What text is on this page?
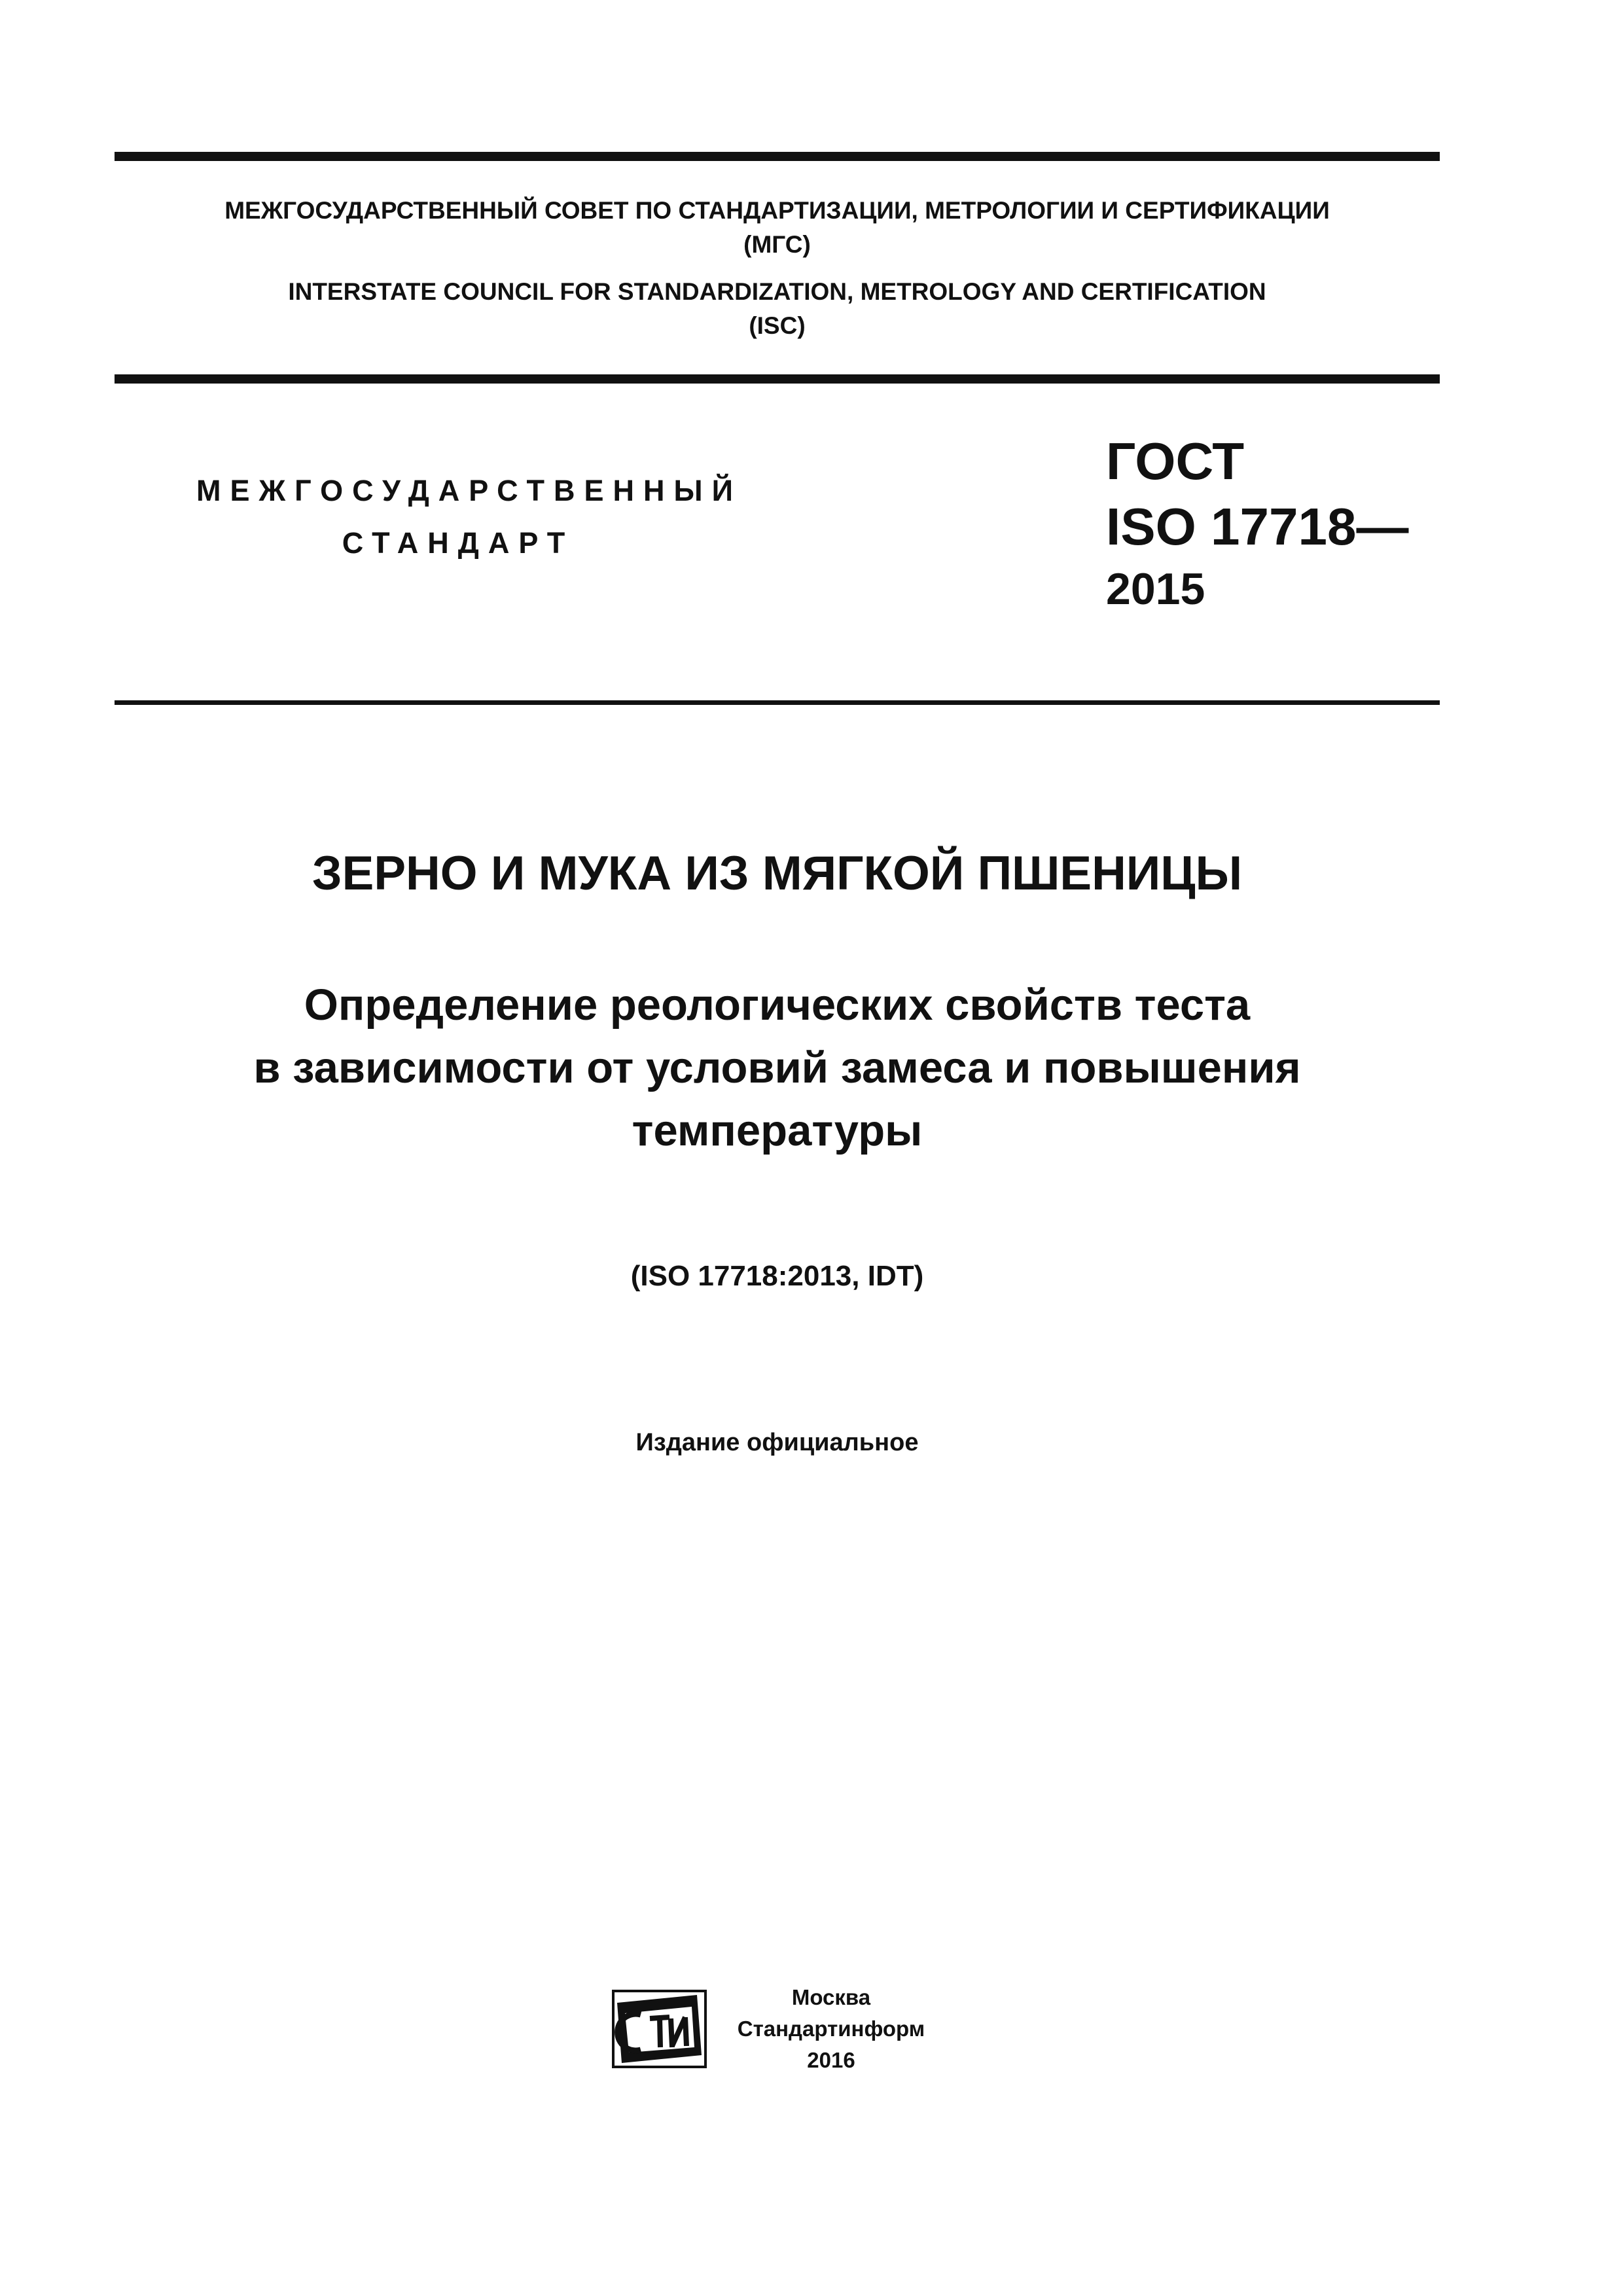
МЕЖГОСУДАРСТВЕННЫЙ СОВЕТ ПО СТАНДАРТИЗАЦИИ, МЕТРОЛОГИИ И СЕРТИФИКАЦИИ
(МГС)
INTERSTATE COUNCIL FOR STANDARDIZATION, METROLOGY AND CERTIFICATION
(ISC)
МЕЖГОСУДАРСТВЕННЫЙ
СТАНДАРТ
ГОСТ
ISO 17718—
2015
ЗЕРНО И МУКА ИЗ МЯГКОЙ ПШЕНИЦЫ
Определение реологических свойств теста
в зависимости от условий замеса и повышения
температуры
(ISO 17718:2013, IDT)
Издание официальное
Москва
Стандартинформ
2016
